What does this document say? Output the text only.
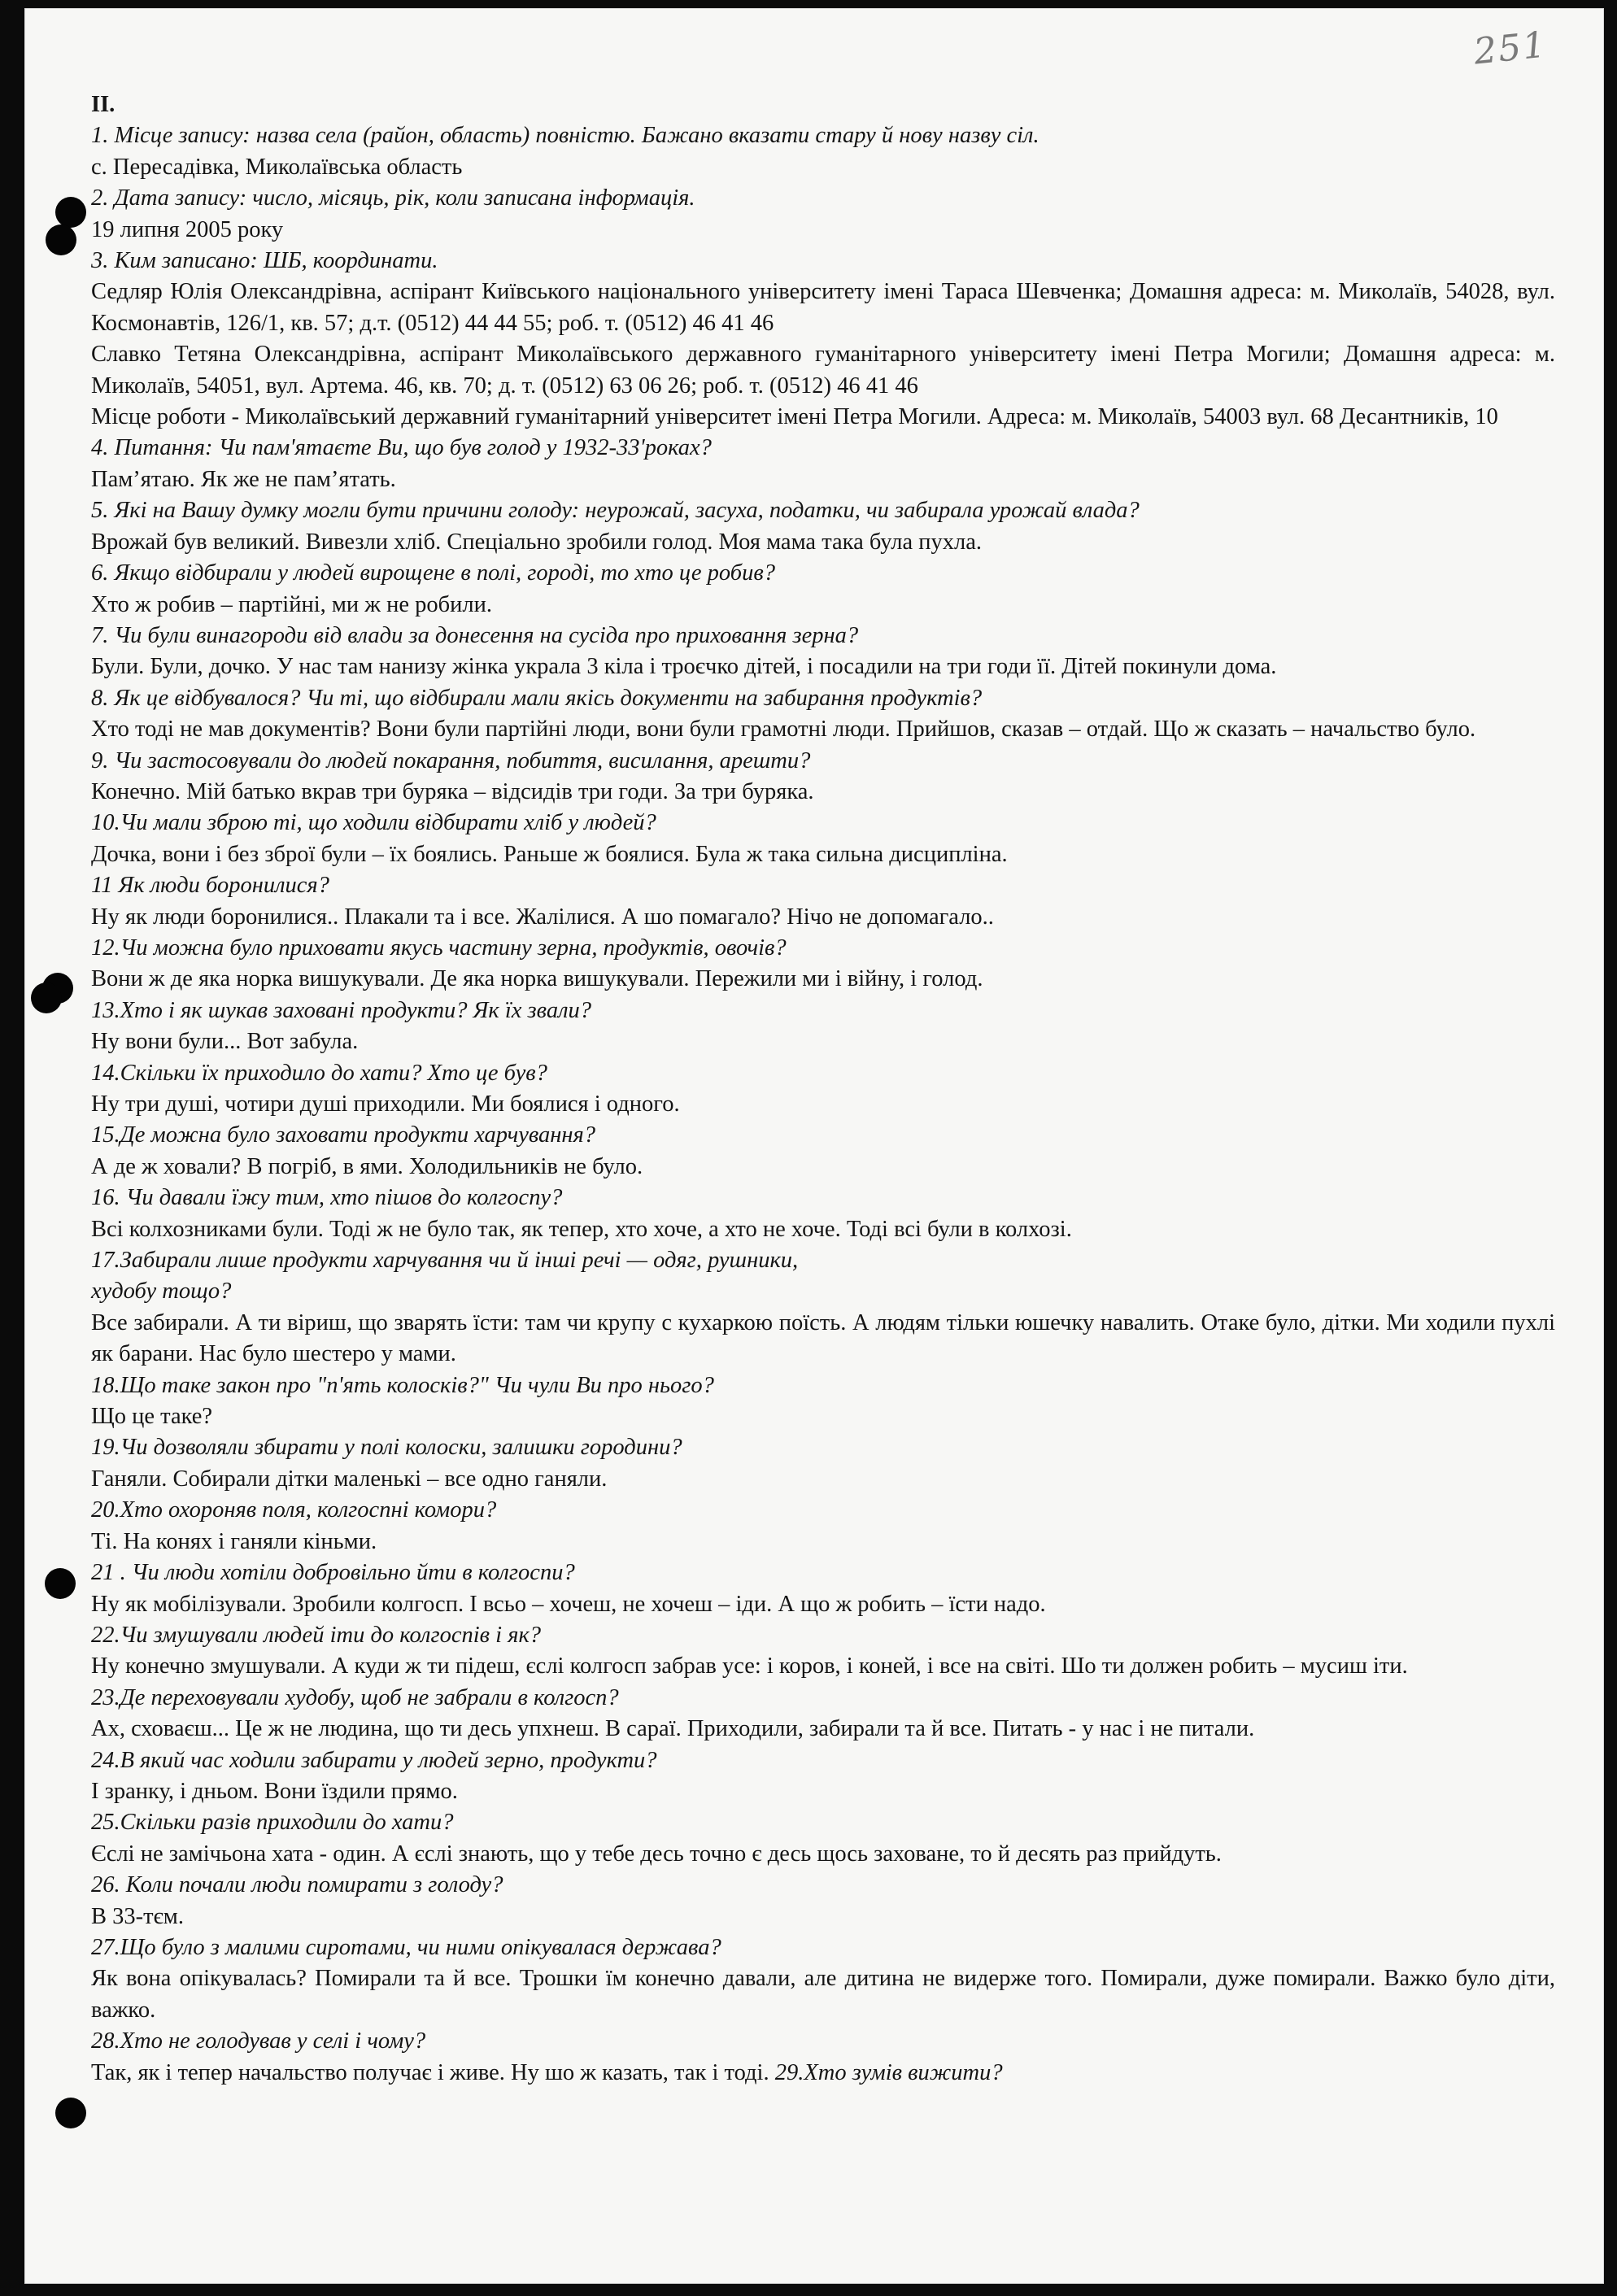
251

ІІ.

1. Місце запису: назва села (район, область) повністю. Бажано вказати стару й нову назву сіл.

с. Пересадівка, Миколаївська область

2. Дата запису: число, місяць, рік, коли записана інформація.

19 липня 2005 року

3. Ким записано: ШБ, координати.

Седляр Юлія Олександрівна, аспірант Київського національного університету імені Тараса Шевченка; Домашня адреса: м. Миколаїв, 54028, вул. Космонавтів, 126/1, кв. 57; д.т. (0512) 44 44 55; роб. т. (0512) 46 41 46

Славко Тетяна Олександрівна, аспірант Миколаївського державного гуманітарного університету імені Петра Могили; Домашня адреса: м. Миколаїв, 54051, вул. Артема. 46, кв. 70; д. т. (0512) 63 06 26; роб. т. (0512) 46 41 46

Місце роботи - Миколаївський державний гуманітарний університет імені Петра Могили. Адреса: м. Миколаїв, 54003 вул. 68 Десантників, 10

4. Питання: Чи пам'ятаєте Ви, що був голод у 1932-33'роках?

Пам’ятаю. Як же не пам’ятать.

5. Які на Вашу думку могли бути причини голоду: неурожай, засуха, податки, чи забирала урожай влада?

Врожай був великий. Вивезли хліб. Спеціально зробили голод. Моя мама така була пухла.

6. Якщо відбирали у людей вирощене в полі, городі, то хто це робив?

Хто ж робив – партійні, ми ж не робили.

7. Чи були винагороди від влади за донесення на сусіда про приховання зерна?

Були. Були, дочко. У нас там нанизу жінка украла 3 кіла і троєчко дітей, і посадили на три годи її. Дітей покинули дома.

8. Як це відбувалося? Чи ті, що відбирали мали якісь документи на забирання продуктів?

Хто тоді не мав документів? Вони були партійні люди, вони були грамотні люди. Прийшов, сказав – отдай. Що ж сказать – начальство було.

9. Чи застосовували до людей покарання, побиття, висилання, арешти?

Конечно. Мій батько вкрав три буряка – відсидів три годи. За три буряка.

10.Чи мали зброю ті, що ходили відбирати хліб у людей?

Дочка, вони і без зброї були – їх боялись. Раньше ж боялися. Була ж така сильна дисципліна.

11 Як люди боронилися?

Ну як люди боронилися.. Плакали та і все. Жалілися. А шо помагало? Нічо не допомагало..

12.Чи можна було приховати якусь частину зерна, продуктів, овочів?

Вони ж де яка норка вишукували. Де яка норка вишукували. Пережили ми і війну, і голод.

13.Хто і як шукав заховані продукти? Як їх звали?

Ну вони були... Вот забула.

14.Скільки їх приходило до хати? Хто це був?

Ну три душі, чотири душі приходили. Ми боялися і одного.

15.Де можна було заховати продукти харчування?

А де ж ховали? В погріб, в ями. Холодильників не було.

16. Чи давали їжу тим, хто пішов до колгоспу?

Всі колхозниками були. Тоді ж не було так, як тепер, хто хоче, а хто не хоче. Тоді всі були в колхозі.

17.Забирали лише продукти харчування чи й інші речі — одяг, рушники,

худобу тощо?

Все забирали. А ти віриш, що зварять їсти: там чи крупу с кухаркою поїсть. А людям тільки юшечку навалить. Отаке було, дітки. Ми ходили пухлі як барани. Нас було шестеро у мами.

18.Що таке закон про "п'ять колосків?" Чи чули Ви про нього?

Що це таке?

19.Чи дозволяли збирати у полі колоски, залишки городини?

Ганяли. Собирали дітки маленькі – все одно ганяли.

20.Хто охороняв поля, колгоспні комори?

Ті. На конях і ганяли кіньми.

21 . Чи люди хотіли добровільно йти в колгоспи?

Ну як мобілізували. Зробили колгосп. І всьо – хочеш, не хочеш – іди. А що ж робить – їсти надо.

22.Чи змушували людей іти до колгоспів і як?

Ну конечно змушували. А куди ж ти підеш, єслі колгосп забрав усе: і коров, і коней, і все на світі. Шо ти должен робить – мусиш іти.

23.Де переховували худобу, щоб не забрали в колгосп?

Ах, сховаєш... Це ж не людина, що ти десь упхнеш. В сараї. Приходили, забирали та й все. Питать - у нас і не питали.

24.В який час ходили забирати у людей зерно, продукти?

І зранку, і дньом. Вони їздили прямо.

25.Скільки разів приходили до хати?

Єслі не замічьона хата - один. А єслі знають, що у тебе десь точно є десь щось заховане, то й десять раз прийдуть.

26. Коли почали люди помирати з голоду?

В 33-тєм.

27.Що було з малими сиротами, чи ними опікувалася держава?

Як вона опікувалась? Помирали та й все. Трошки їм конечно давали, але дитина не видерже того. Помирали, дуже помирали. Важко було діти, важко.

28.Хто не голодував у селі і чому?

Так, як і тепер начальство получає і живе. Ну шо ж казать, так і тоді. 29.Хто зумів вижити?
